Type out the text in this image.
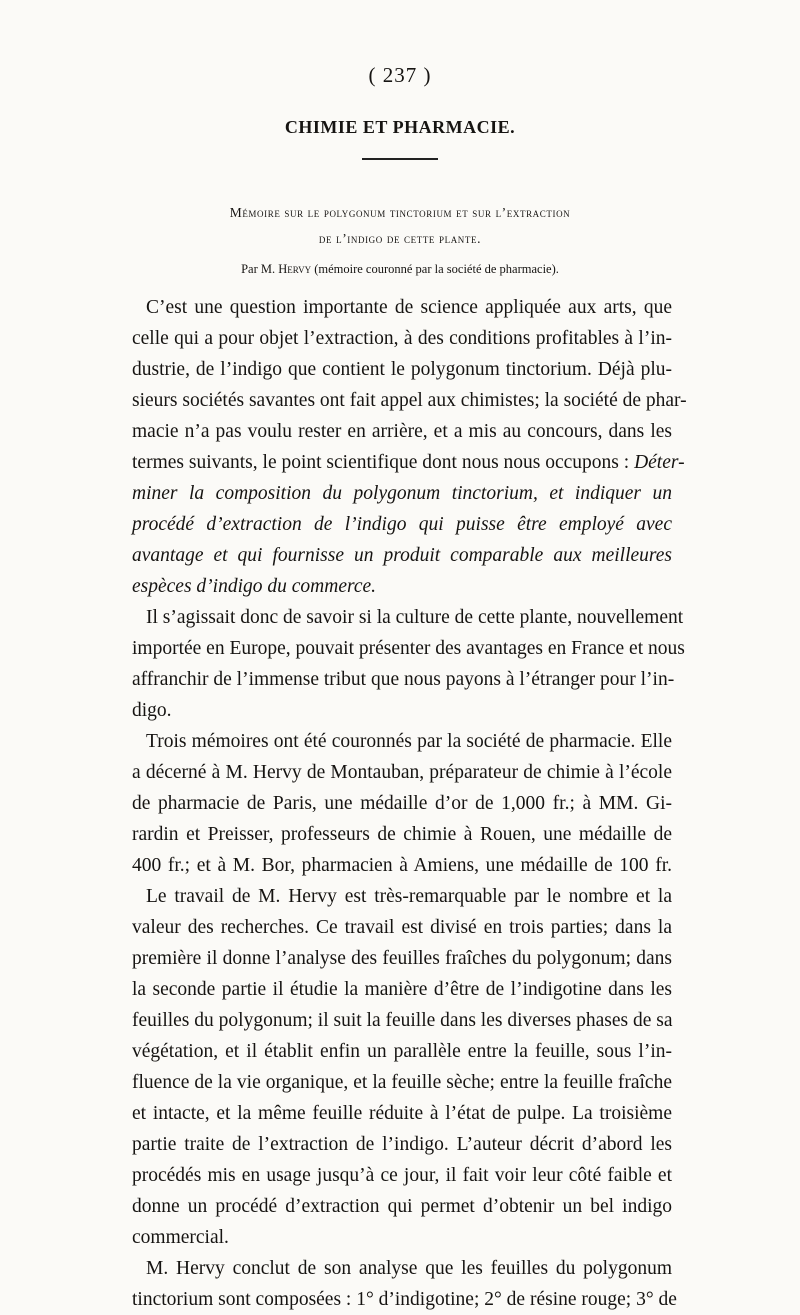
( 237 )
CHIMIE ET PHARMACIE.
Mémoire sur le polygonum tinctorium et sur l’extraction
de l’indigo de cette plante.
Par M. Hervy (mémoire couronné par la société de pharmacie).
C’est une question importante de science appliquée aux arts, que
celle qui a pour objet l’extraction, à des conditions profitables à l’in-
dustrie, de l’indigo que contient le polygonum tinctorium. Déjà plu-
sieurs sociétés savantes ont fait appel aux chimistes; la société de phar-
macie n’a pas voulu rester en arrière, et a mis au concours, dans les
termes suivants, le point scientifique dont nous nous occupons : Déter-
miner la composition du polygonum tinctorium, et indiquer un
procédé d’extraction de l’indigo qui puisse être employé avec
avantage et qui fournisse un produit comparable aux meilleures
espèces d’indigo du commerce.
Il s’agissait donc de savoir si la culture de cette plante, nouvellement
importée en Europe, pouvait présenter des avantages en France et nous
affranchir de l’immense tribut que nous payons à l’étranger pour l’in-
digo.
Trois mémoires ont été couronnés par la société de pharmacie. Elle
a décerné à M. Hervy de Montauban, préparateur de chimie à l’école
de pharmacie de Paris, une médaille d’or de 1,000 fr.; à MM. Gi-
rardin et Preisser, professeurs de chimie à Rouen, une médaille de
400 fr.; et à M. Bor, pharmacien à Amiens, une médaille de 100 fr.
Le travail de M. Hervy est très-remarquable par le nombre et la
valeur des recherches. Ce travail est divisé en trois parties; dans la
première il donne l’analyse des feuilles fraîches du polygonum; dans
la seconde partie il étudie la manière d’être de l’indigotine dans les
feuilles du polygonum; il suit la feuille dans les diverses phases de sa
végétation, et il établit enfin un parallèle entre la feuille, sous l’in-
fluence de la vie organique, et la feuille sèche; entre la feuille fraîche
et intacte, et la même feuille réduite à l’état de pulpe. La troisième
partie traite de l’extraction de l’indigo. L’auteur décrit d’abord les
procédés mis en usage jusqu’à ce jour, il fait voir leur côté faible et
donne un procédé d’extraction qui permet d’obtenir un bel indigo
commercial.
M. Hervy conclut de son analyse que les feuilles du polygonum
tinctorium sont composées : 1° d’indigotine; 2° de résine rouge; 3° de
